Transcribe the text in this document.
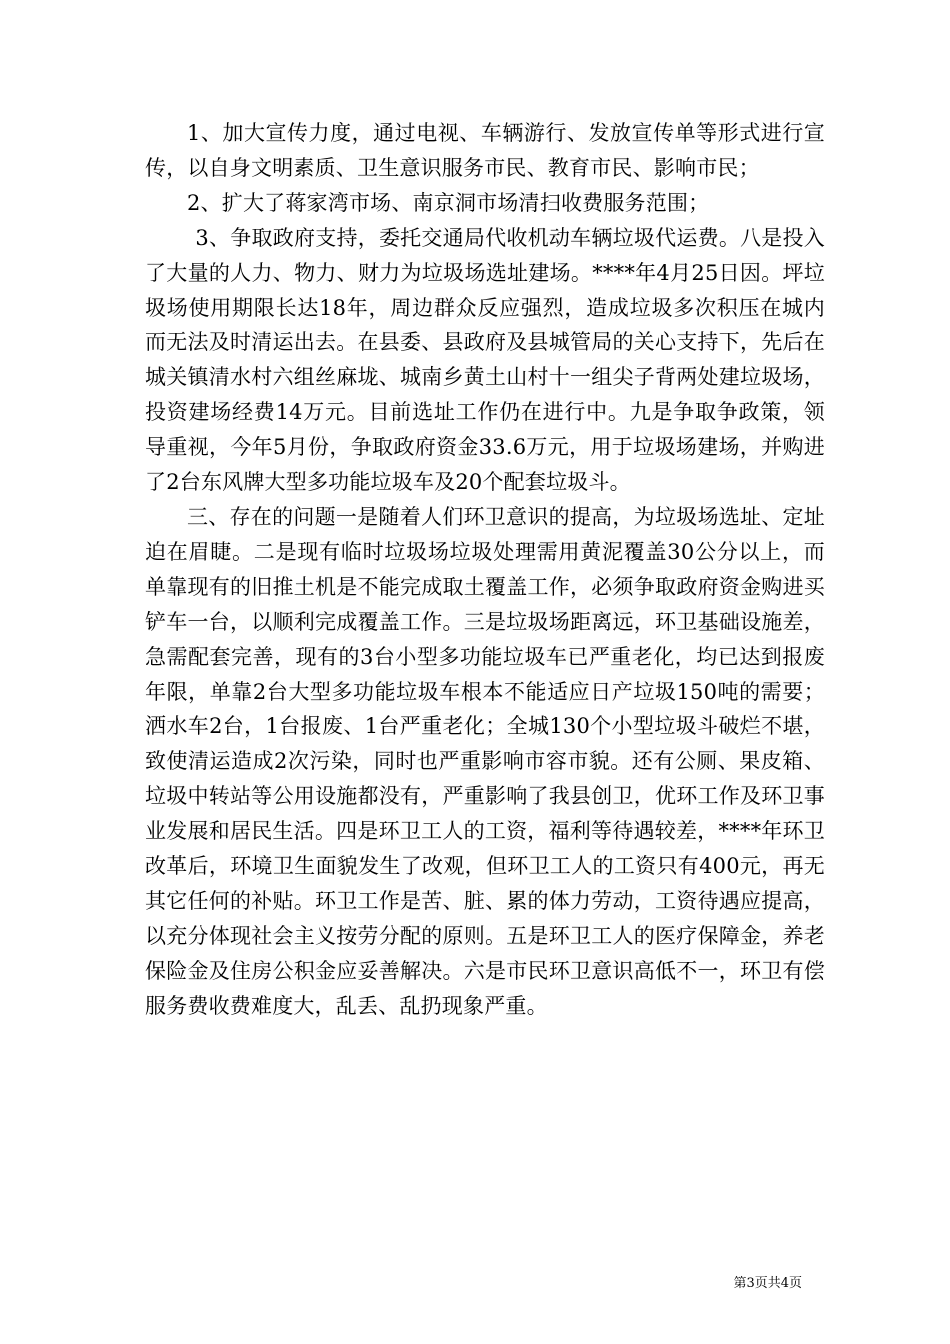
1、加大宣传力度，通过电视、车辆游行、发放宣传单等形式进行宣传，以自身文明素质、卫生意识服务市民、教育市民、影响市民；

2、扩大了蒋家湾市场、南京洞市场清扫收费服务范围；

3、争取政府支持，委托交通局代收机动车辆垃圾代运费。八是投入了大量的人力、物力、财力为垃圾场选址建场。****年4月25日因。坪垃圾场使用期限长达18年，周边群众反应强烈，造成垃圾多次积压在城内而无法及时清运出去。在县委、县政府及县城管局的关心支持下，先后在城关镇清水村六组丝麻垅、城南乡黄土山村十一组尖子背两处建垃圾场，投资建场经费14万元。目前选址工作仍在进行中。九是争取争政策，领导重视，今年5月份，争取政府资金33.6万元，用于垃圾场建场，并购进了2台东风牌大型多功能垃圾车及20个配套垃圾斗。

三、存在的问题一是随着人们环卫意识的提高，为垃圾场选址、定址迫在眉睫。二是现有临时垃圾场垃圾处理需用黄泥覆盖30公分以上，而单靠现有的旧推土机是不能完成取土覆盖工作，必须争取政府资金购进买铲车一台，以顺利完成覆盖工作。三是垃圾场距离远，环卫基础设施差，急需配套完善，现有的3台小型多功能垃圾车已严重老化，均已达到报废年限，单靠2台大型多功能垃圾车根本不能适应日产垃圾150吨的需要；洒水车2台，1台报废、1台严重老化；全城130个小型垃圾斗破烂不堪，致使清运造成2次污染，同时也严重影响市容市貌。还有公厕、果皮箱、垃圾中转站等公用设施都没有，严重影响了我县创卫，优环工作及环卫事业发展和居民生活。四是环卫工人的工资，福利等待遇较差，****年环卫改革后，环境卫生面貌发生了改观，但环卫工人的工资只有400元，再无其它任何的补贴。环卫工作是苦、脏、累的体力劳动，工资待遇应提高，以充分体现社会主义按劳分配的原则。五是环卫工人的医疗保障金，养老保险金及住房公积金应妥善解决。六是市民环卫意识高低不一，环卫有偿服务费收费难度大，乱丢、乱扔现象严重。

第3页共4页
